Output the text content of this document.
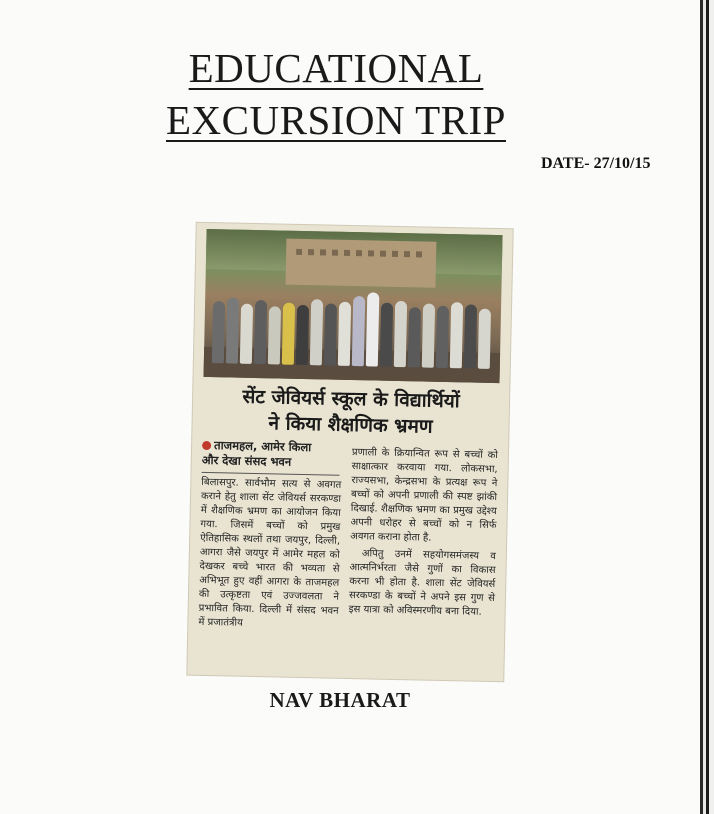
EDUCATIONAL
EXCURSION TRIP
DATE- 27/10/15
सेंट जेवियर्स स्कूल के विद्यार्थियों
ने किया शैक्षणिक भ्रमण
ताजमहल, आमेर किला
और देखा संसद भवन

बिलासपुर. सार्वभौम सत्य से अवगत कराने हेतु शाला सेंट जेवियर्स सरकण्डा में शैक्षणिक भ्रमण का आयोजन किया गया. जिसमें बच्चों को प्रमुख ऐतिहासिक स्थलों तथा जयपुर, दिल्ली, आगरा जैसे जयपुर में आमेर महल को देखकर बच्चे भारत की भव्यता से अभिभूत हुए वहीं आगरा के ताजमहल की उत्कृष्टता एवं उज्जवलता ने प्रभावित किया. दिल्ली में संसद भवन में प्रजातंत्रीय

प्रणाली के क्रियान्वित रूप से बच्चों को साक्षात्कार करवाया गया. लोकसभा, राज्यसभा, केन्द्रसभा के प्रत्यक्ष रूप ने बच्चों को अपनी प्रणाली की स्पष्ट झांकी दिखाई. शैक्षणिक भ्रमण का प्रमुख उद्देश्य अपनी धरोहर से बच्चों को न सिर्फ अवगत कराना होता है.

अपितु उनमें सहयोगसमंजस्य व आत्मनिर्भरता जैसे गुणों का विकास करना भी होता है. शाला सेंट जेवियर्स सरकण्डा के बच्चों ने अपने इस गुण से इस यात्रा को अविस्मरणीय बना दिया.

NAV BHARAT
